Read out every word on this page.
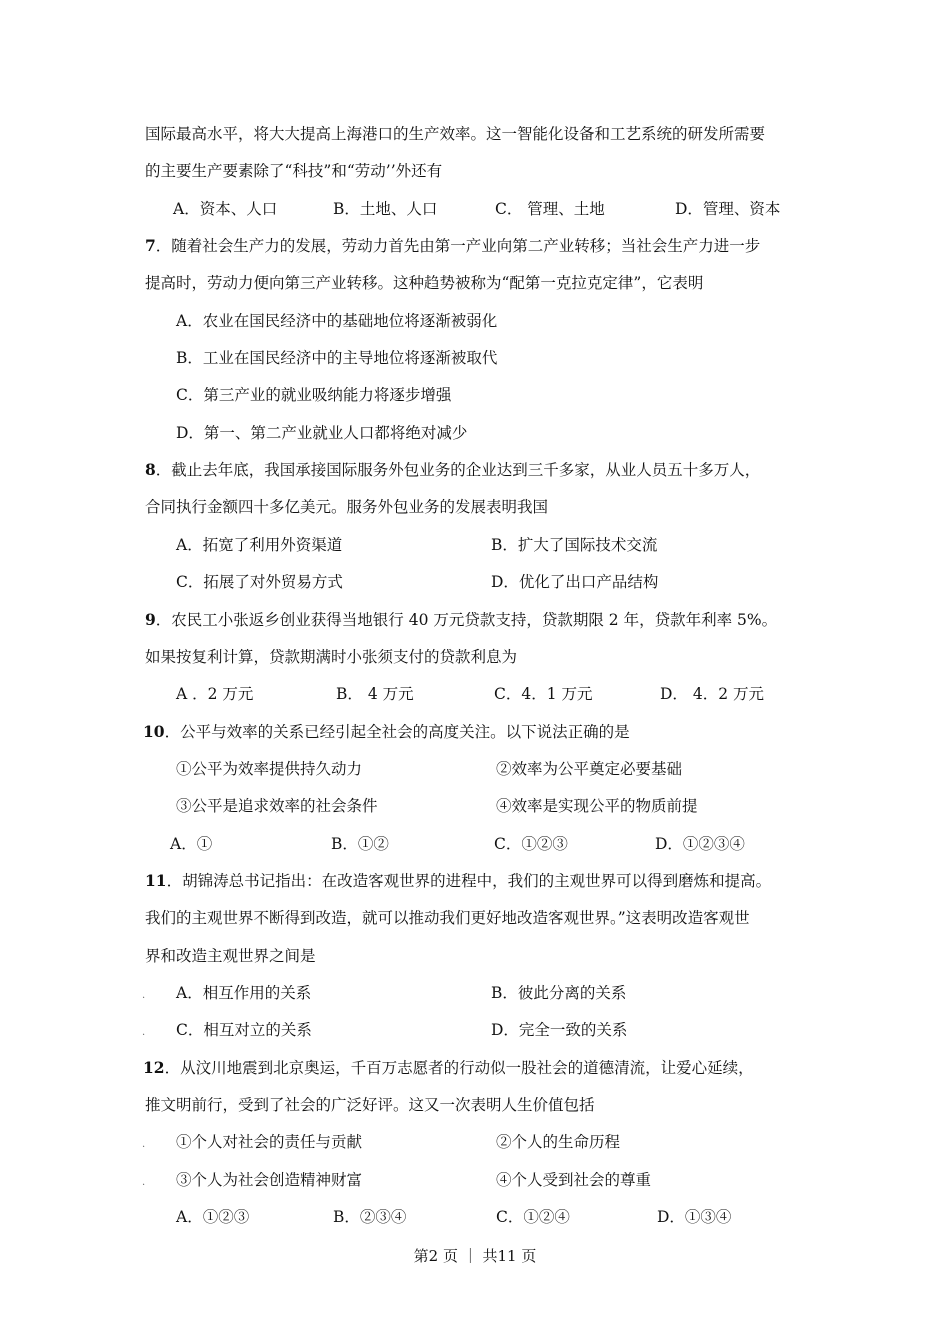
国际最高水平，将大大提高上海港口的生产效率。这一智能化设备和工艺系统的研发所需要
的主要生产要素除了“科技”和“劳动’’外还有
A．资本、人口	B．土地、人口	C． 管理、土地	D．管理、资本
7．随着社会生产力的发展，劳动力首先由第一产业向第二产业转移；当社会生产力进一步
提高时，劳动力便向第三产业转移。这种趋势被称为“配第一克拉克定律”，它表明
A．农业在国民经济中的基础地位将逐渐被弱化
B．工业在国民经济中的主导地位将逐渐被取代
C．第三产业的就业吸纳能力将逐步增强
D．第一、第二产业就业人口都将绝对减少
8．截止去年底，我国承接国际服务外包业务的企业达到三千多家，从业人员五十多万人，
合同执行金额四十多亿美元。服务外包业务的发展表明我国
A．拓宽了利用外资渠道	B．扩大了国际技术交流
C．拓展了对外贸易方式	D．优化了出口产品结构
9．农民工小张返乡创业获得当地银行 40 万元贷款支持，贷款期限 2 年，贷款年利率 5%。
如果按复利计算，贷款期满时小张须支付的贷款利息为
A ．2 万元	B． 4 万元	C．4．1 万元	D． 4．2 万元
10．公平与效率的关系已经引起全社会的高度关注。以下说法正确的是
①公平为效率提供持久动力	②效率为公平奠定必要基础
③公平是追求效率的社会条件	④效率是实现公平的物质前提
A．①	B．①②	C．①②③	D．①②③④
11．胡锦涛总书记指出：在改造客观世界的进程中，我们的主观世界可以得到磨炼和提高。
我们的主观世界不断得到改造，就可以推动我们更好地改造客观世界。”这表明改造客观世
界和改造主观世界之间是
. A．相互作用的关系	B．彼此分离的关系
. C．相互对立的关系	D．完全一致的关系
12．从汶川地震到北京奥运，千百万志愿者的行动似一股社会的道德清流，让爱心延续，
推文明前行，受到了社会的广泛好评。这又一次表明人生价值包括
. ①个人对社会的责任与贡献	②个人的生命历程
. ③个人为社会创造精神财富	④个人受到社会的尊重
A．①②③	B．②③④	C．①②④	D．①③④
第2 页 ｜ 共11 页
